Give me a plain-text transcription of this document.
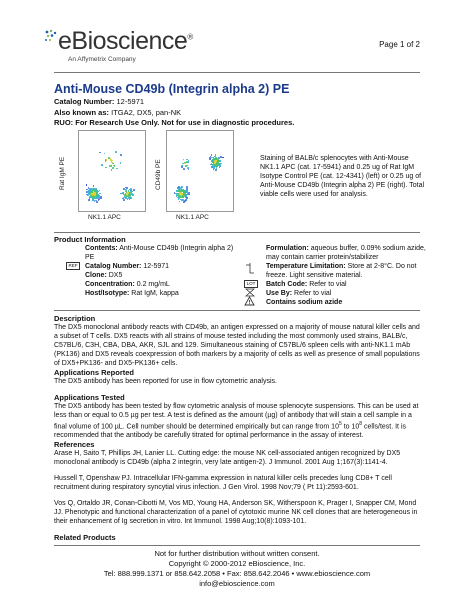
eBioscience®
An Affymetrix Company
Page 1 of 2
Anti-Mouse CD49b (Integrin alpha 2) PE
Catalog Number: 12-5971
Also known as: ITGA2, DX5, pan-NK
RUO: For Research Use Only. Not for use in diagnostic procedures.
Rat IgM PE
NK1.1 APC
CD49b PE
NK1.1 APC
Staining of BALB/c splenocytes with Anti-Mouse NK1.1 APC (cat. 17-5941) and 0.25 ug of Rat IgM Isotype Control PE (cat. 12-4341) (left) or 0.25 ug of Anti-Mouse CD49b (Integrin alpha 2) PE (right). Total viable cells were used for analysis.
Product Information
Contents: Anti-Mouse CD49b (Integrin alpha 2) PE
Catalog Number: 12-5971
Clone: DX5
Concentration: 0.2 mg/mL
Host/Isotype: Rat IgM, kappa
REF
Formulation: aqueous buffer, 0.09% sodium azide, may contain carrier protein/stabilizer
Temperature Limitation: Store at 2-8°C. Do not freeze. Light sensitive material.
Batch Code: Refer to vial
Use By: Refer to vial
Contains sodium azide
LOT
Description
The DX5 monoclonal antibody reacts with CD49b, an antigen expressed on a majority of mouse natural killer cells and a subset of T cells. DX5 reacts with all strains of mouse tested including the most commonly used strains, BALB/c, C57BL/6, C3H, CBA, DBA, AKR, SJL and 129. Simultaneous staining of C57BL/6 spleen cells with anti-NK1.1 mAb (PK136) and DX5 reveals coexpression of both markers by a majority of cells as well as presence of small populations of DX5+PK136- and DX5-PK136+ cells.
Applications Reported
The DX5 antibody has been reported for use in flow cytometric analysis.
Applications Tested
The DX5 antibody has been tested by flow cytometric analysis of mouse splenocyte suspensions. This can be used at less than or equal to 0.5 µg per test. A test is defined as the amount (µg) of antibody that will stain a cell sample in a final volume of 100 µL. Cell number should be determined empirically but can range from $10^5$ to $10^8$ cells/test. It is recommended that the antibody be carefully titrated for optimal performance in the assay of interest.
References
Arase H, Saito T, Phillips JH, Lanier LL. Cutting edge: the mouse NK cell-associated antigen recognized by DX5 monoclonal antibody is CD49b (alpha 2 integrin, very late antigen-2). J Immunol. 2001 Aug 1;167(3):1141-4.
Hussell T, Openshaw PJ. Intracellular IFN-gamma expression in natural killer cells precedes lung CD8+ T cell recruitment during respiratory syncytial virus infection. J Gen Virol. 1998 Nov;79 ( Pt 11):2593-601.
Vos Q, Ortaldo JR, Conan-Cibotti M, Vos MD, Young HA, Anderson SK, Witherspoon K, Prager I, Snapper CM, Mond JJ. Phenotypic and functional characterization of a panel of cytotoxic murine NK cell clones that are heterogeneous in their enhancement of Ig secretion in vitro. Int Immunol. 1998 Aug;10(8):1093-101.
Related Products
Not for further distribution without written consent.
Copyright © 2000-2012 eBioscience, Inc.
Tel: 888.999.1371 or 858.642.2058 • Fax: 858.642.2046 • www.ebioscience.com
info@ebioscience.com
